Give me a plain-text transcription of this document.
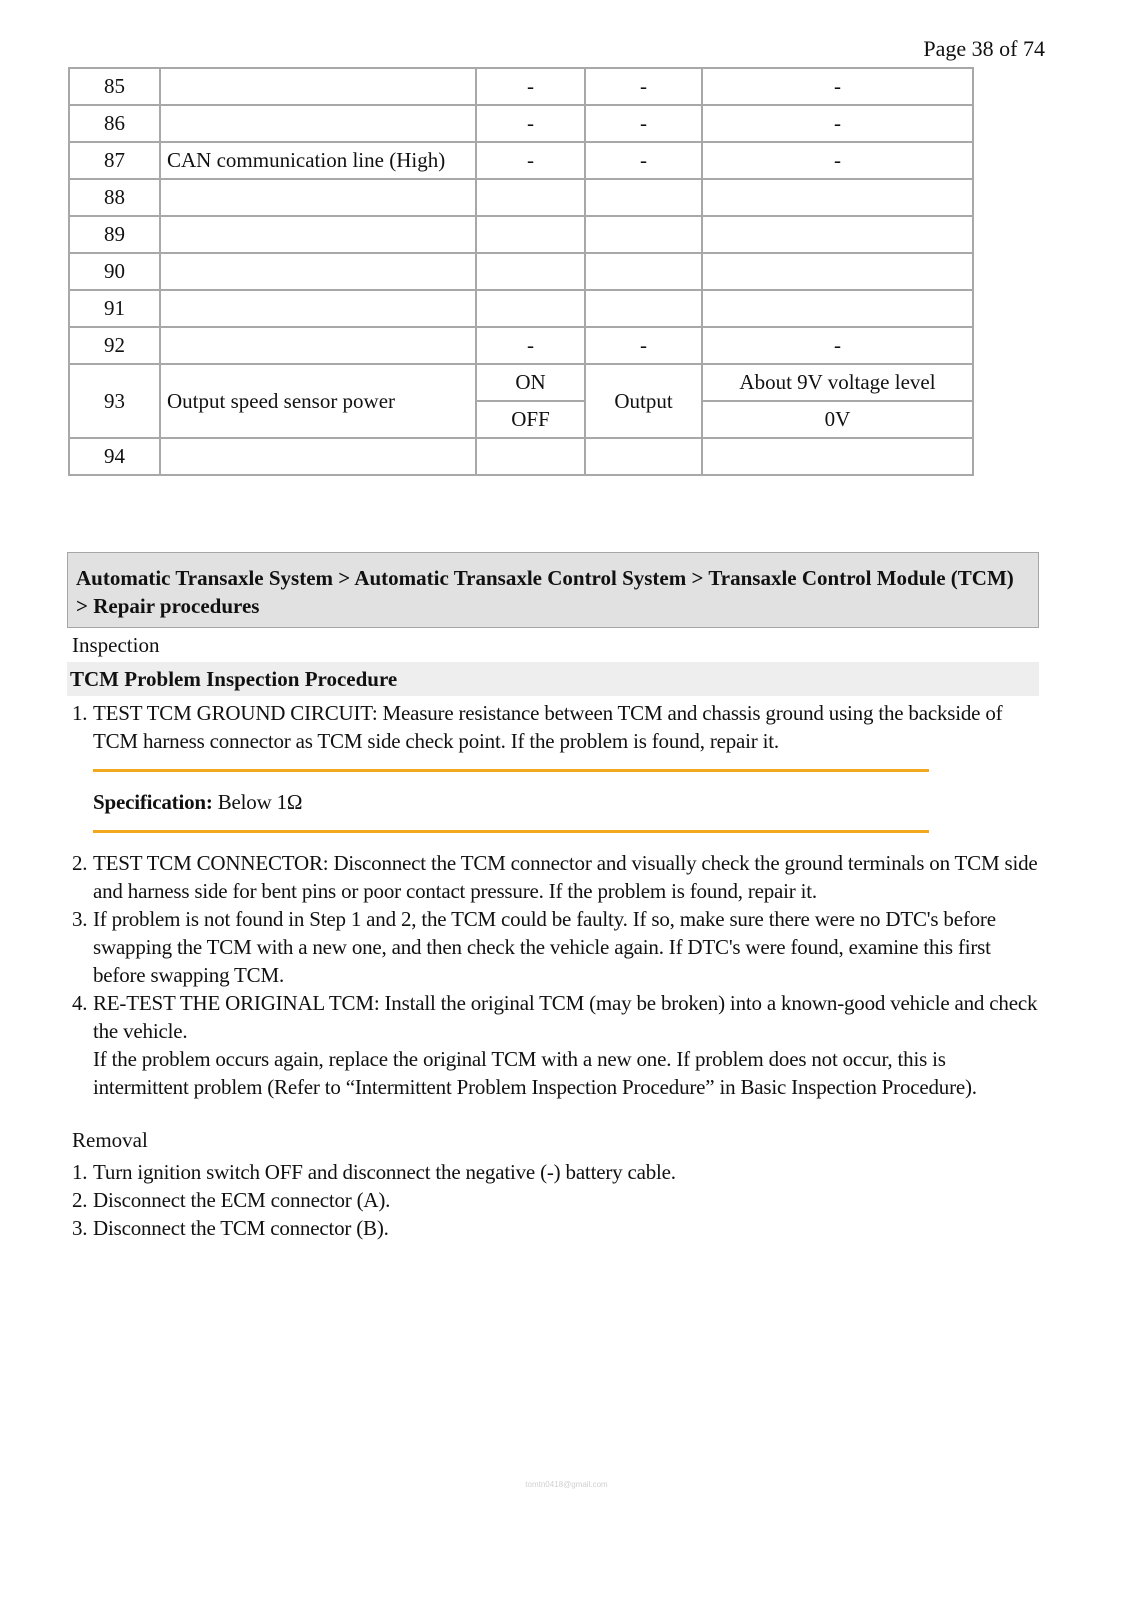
Page 38 of 74
85		-	-	-
86		-	-	-
87	CAN communication line (High)	-	-	-
88				
89				
90				
91				
92		-	-	-
93	Output speed sensor power	ON	Output	About 9V voltage level
		OFF		0V
94				
Automatic Transaxle System > Automatic Transaxle Control System > Transaxle Control Module (TCM) > Repair procedures
Inspection
TCM Problem Inspection Procedure
1. TEST TCM GROUND CIRCUIT: Measure resistance between TCM and chassis ground using the backside of TCM harness connector as TCM side check point. If the problem is found, repair it.
Specification: Below 1Ω
2. TEST TCM CONNECTOR: Disconnect the TCM connector and visually check the ground terminals on TCM side and harness side for bent pins or poor contact pressure. If the problem is found, repair it.
3. If problem is not found in Step 1 and 2, the TCM could be faulty. If so, make sure there were no DTC's before swapping the TCM with a new one, and then check the vehicle again. If DTC's were found, examine this first before swapping TCM.
4. RE-TEST THE ORIGINAL TCM: Install the original TCM (may be broken) into a known-good vehicle and check the vehicle.
If the problem occurs again, replace the original TCM with a new one. If problem does not occur, this is intermittent problem (Refer to “Intermittent Problem Inspection Procedure” in Basic Inspection Procedure).
Removal
1. Turn ignition switch OFF and disconnect the negative (-) battery cable.
2. Disconnect the ECM connector (A).
3. Disconnect the TCM connector (B).
tomtn0418@gmail.com
